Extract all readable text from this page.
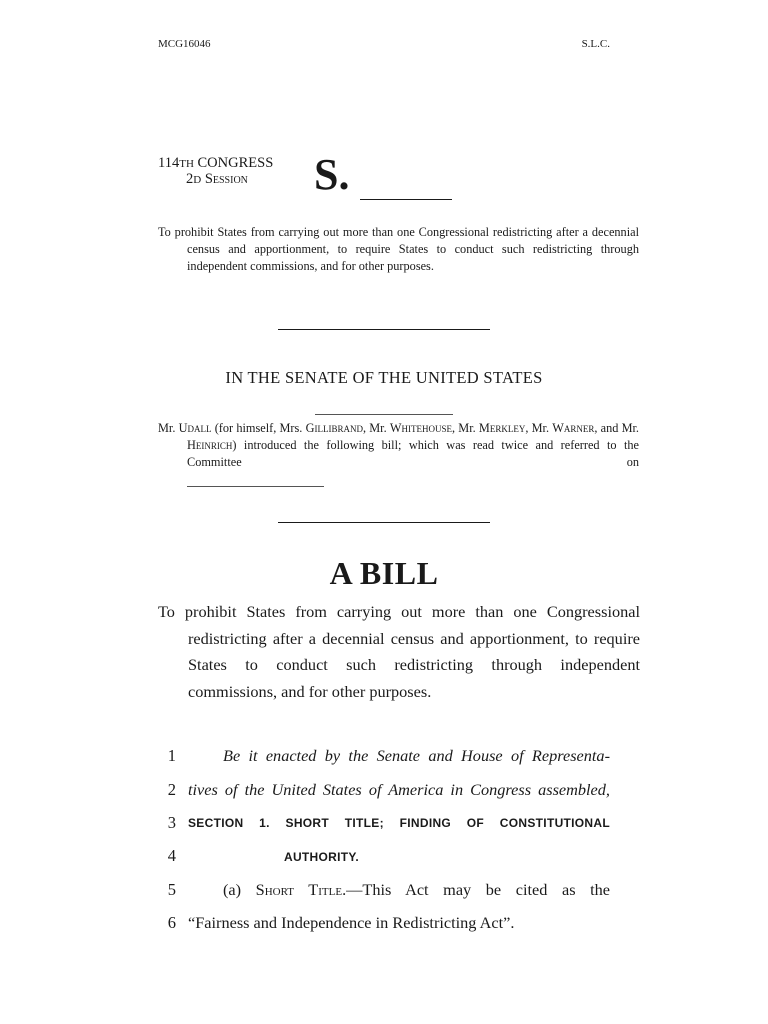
MCG16046	S.L.C.
114TH CONGRESS
2D Session S.
To prohibit States from carrying out more than one Congressional redistricting after a decennial census and apportionment, to require States to conduct such redistricting through independent commissions, and for other purposes.
IN THE SENATE OF THE UNITED STATES
Mr. Udall (for himself, Mrs. Gillibrand, Mr. Whitehouse, Mr. Merkley, Mr. Warner, and Mr. Heinrich) introduced the following bill; which was read twice and referred to the Committee on
A BILL
To prohibit States from carrying out more than one Congressional redistricting after a decennial census and apportionment, to require States to conduct such redistricting through independent commissions, and for other purposes.
1	Be it enacted by the Senate and House of Representa-
2 tives of the United States of America in Congress assembled,
3 SECTION 1. SHORT TITLE; FINDING OF CONSTITUTIONAL
4	AUTHORITY.
5	(a) Short Title.—This Act may be cited as the
6 “Fairness and Independence in Redistricting Act”.
